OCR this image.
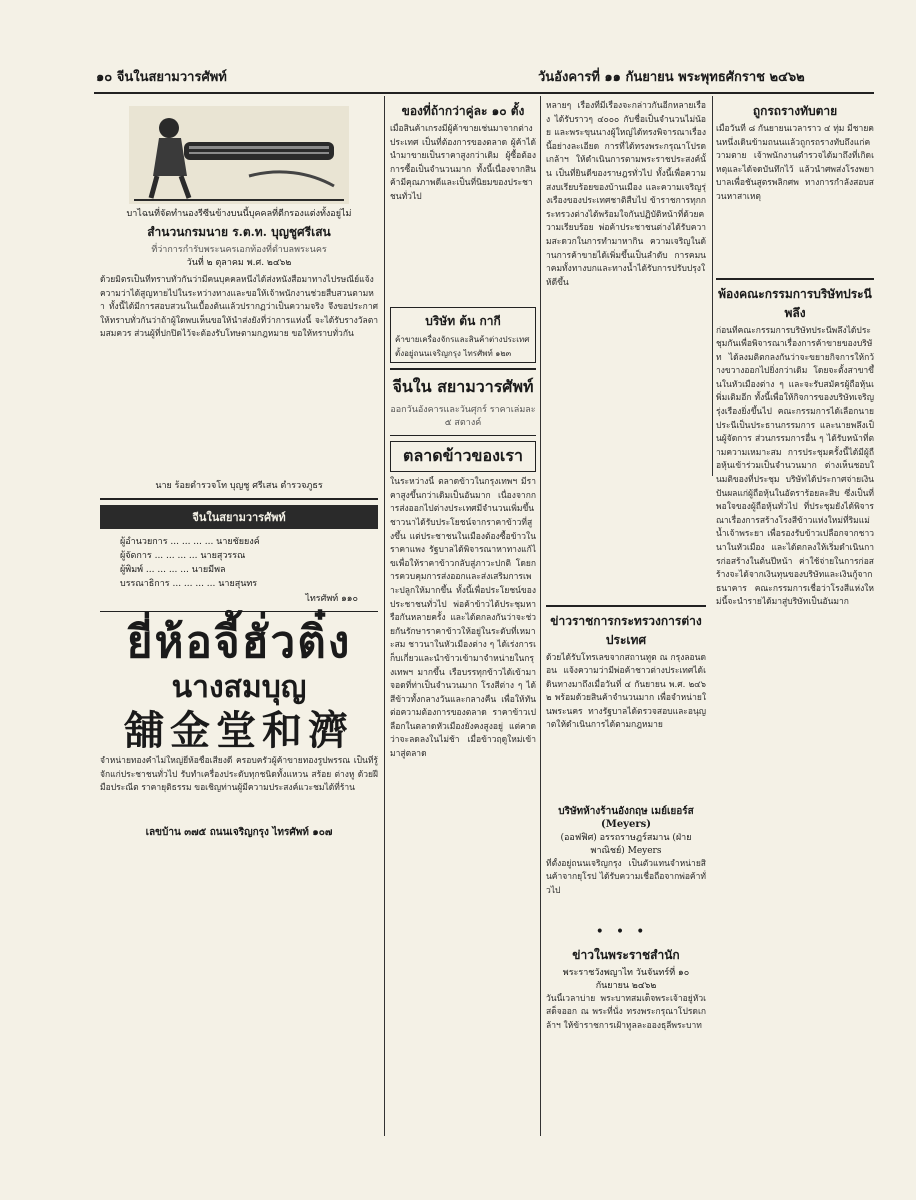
๑๐ จีนในสยามวารศัพท์	วันอังคารที่ ๑๑ กันยายน พระพุทธศักราช ๒๔๖๒
บาไฉนที่จัดทำนองรีซีนข้างบนนี้บุคคลที่ตีกรองแต่งทั้งอยู่ไม่
สำนวนกรมนาย ร.ต.ท. บุญชูศรีเสน
ที่ว่าการกำรับพระนครเอกท้องที่ตำบลพระนคร
วันที่ ๒ ตุลาคม พ.ศ. ๒๔๖๒

ด้วยมิตรเป็นที่ทราบทั่วกันว่ามีคนบุคคลหนึ่งได้ส่งหนังสือมาทางไปรษณีย์แจ้งความว่าได้สูญหายไปในระหว่างทางและขอให้เจ้าพนักงานช่วยสืบสวนตามหา ทั้งนี้ได้มีการสอบสวนในเบื้องต้นแล้วปรากฏว่าเป็นความจริง จึงขอประกาศให้ทราบทั่วกันว่าถ้าผู้ใดพบเห็นขอให้นำส่งยังที่ว่าการแห่งนี้ จะได้รับรางวัลตามสมควร ส่วนผู้ที่ปกปิดไว้จะต้องรับโทษตามกฎหมาย ขอให้ทราบทั่วกัน

นาย ร้อยตำรวจโท บุญชู ศรีเสน ตำรวจภูธร
จีนในสยามวารศัพท์
ผู้อำนวยการ ... ... ... ... นายชัยยงค์
ผู้จัดการ ... ... ... ... นายสุวรรณ
ผู้พิมพ์ ... ... ... ... นายมีพล
บรรณาธิการ ... ... ... ... นายสุนทร
ไทรศัพท์ ๑๑๐
ยี่ห้อจี้ฮั่วติ๋ง
นางสมบุญ
舖金堂和濟

จำหน่ายทองคำไม่ใหญ่ยี่ห้อชื่อเสียงดี ครอบครัวผู้ค้าขายทองรูปพรรณ เป็นที่รู้จักแก่ประชาชนทั่วไป รับทำเครื่องประดับทุกชนิดทั้งแหวน สร้อย ต่างหู ด้วยฝีมือประณีต ราคายุติธรรม ขอเชิญท่านผู้มีความประสงค์แวะชมได้ที่ร้าน

เลขบ้าน ๓๗๕ ถนนเจริญกรุง ไทรศัพท์ ๑๐๗
ของที่ถ้ากว่าคู่ละ ๑๐ ตั้ง

เมื่อสินค้าเกรงมีผู้ค้าขายเช่นมาจากต่างประเทศ เป็นที่ต้องการของตลาด ผู้ค้าได้นำมาขายเป็นราคาสูงกว่าเดิม ผู้ซื้อต้องการซื้อเป็นจำนวนมาก ทั้งนี้เนื่องจากสินค้ามีคุณภาพดีและเป็นที่นิยมของประชาชนทั่วไป

บริษัท ต้น กากี

ค้าขายเครื่องจักรและสินค้าต่างประเทศ ตั้งอยู่ถนนเจริญกรุง ไทรศัพท์ ๑๒๓

จีนใน สยามวารศัพท์
ออกวันอังคารและวันศุกร์ ราคาเล่มละ ๕ สตางค์
ตลาดข้าวของเรา

ในระหว่างนี้ ตลาดข้าวในกรุงเทพฯ มีราคาสูงขึ้นกว่าเดิมเป็นอันมาก เนื่องจากการส่งออกไปต่างประเทศมีจำนวนเพิ่มขึ้น ชาวนาได้รับประโยชน์จากราคาข้าวที่สูงขึ้น แต่ประชาชนในเมืองต้องซื้อข้าวในราคาแพง รัฐบาลได้พิจารณาหาทางแก้ไขเพื่อให้ราคาข้าวกลับสู่ภาวะปกติ โดยการควบคุมการส่งออกและส่งเสริมการเพาะปลูกให้มากขึ้น ทั้งนี้เพื่อประโยชน์ของประชาชนทั่วไป พ่อค้าข้าวได้ประชุมหารือกันหลายครั้ง และได้ตกลงกันว่าจะช่วยกันรักษาราคาข้าวให้อยู่ในระดับที่เหมาะสม ชาวนาในหัวเมืองต่าง ๆ ได้เร่งการเก็บเกี่ยวและนำข้าวเข้ามาจำหน่ายในกรุงเทพฯ มากขึ้น เรือบรรทุกข้าวได้เข้ามาจอดที่ท่าเป็นจำนวนมาก โรงสีต่าง ๆ ได้สีข้าวทั้งกลางวันและกลางคืน เพื่อให้ทันต่อความต้องการของตลาด ราคาข้าวเปลือกในตลาดหัวเมืองยังคงสูงอยู่ แต่คาดว่าจะลดลงในไม่ช้า เมื่อข้าวฤดูใหม่เข้ามาสู่ตลาด

หลายๆ เรื่องที่มีเรื่องจะกล่าวกันอีกหลายเรื่อง ได้รับราวๆ ๔๐๐๐ กับชื่อเป็นจำนวนไม่น้อย และพระขุนนางผู้ใหญ่ได้ทรงพิจารณาเรื่องนี้อย่างละเอียด การที่ได้ทรงพระกรุณาโปรดเกล้าฯ ให้ดำเนินการตามพระราชประสงค์นั้น เป็นที่ยินดีของราษฎรทั่วไป ทั้งนี้เพื่อความสงบเรียบร้อยของบ้านเมือง และความเจริญรุ่งเรืองของประเทศชาติสืบไป ข้าราชการทุกกระทรวงต่างได้พร้อมใจกันปฏิบัติหน้าที่ด้วยความเรียบร้อย พ่อค้าประชาชนต่างได้รับความสะดวกในการทำมาหากิน ความเจริญในด้านการค้าขายได้เพิ่มขึ้นเป็นลำดับ การคมนาคมทั้งทางบกและทางน้ำได้รับการปรับปรุงให้ดีขึ้น

ข่าวราชการกระทรวงการต่างประเทศ

ด้วยได้รับโทรเลขจากสถานทูต ณ กรุงลอนดอน แจ้งความว่ามีพ่อค้าชาวต่างประเทศได้เดินทางมาถึงเมื่อวันที่ ๔ กันยายน พ.ศ. ๒๔๖๒ พร้อมด้วยสินค้าจำนวนมาก เพื่อจำหน่ายในพระนคร ทางรัฐบาลได้ตรวจสอบและอนุญาตให้ดำเนินการได้ตามกฎหมาย

บริษัทห้างร้านอังกฤษ เมย์เยอร์ส (Meyers)
(ออฟฟิศ) อรรถราษฎร์สมาน (ฝ่ายพาณิชย์) Meyers

ที่ตั้งอยู่ถนนเจริญกรุง เป็นตัวแทนจำหน่ายสินค้าจากยุโรป ได้รับความเชื่อถือจากพ่อค้าทั่วไป

•••
ข่าวในพระราชสำนัก
พระราชวังพญาไท วันจันทร์ที่ ๑๐ กันยายน ๒๔๖๒

วันนี้เวลาบ่าย พระบาทสมเด็จพระเจ้าอยู่หัวเสด็จออก ณ พระที่นั่ง ทรงพระกรุณาโปรดเกล้าฯ ให้ข้าราชการเฝ้าทูลละอองธุลีพระบาท

ถูกรถรางทับตาย

เมื่อวันที่ ๘ กันยายนเวลาราว ๔ ทุ่ม มีชายคนหนึ่งเดินข้ามถนนแล้วถูกรถรางทับถึงแก่ความตาย เจ้าพนักงานตำรวจได้มาถึงที่เกิดเหตุและได้จดบันทึกไว้ แล้วนำศพส่งโรงพยาบาลเพื่อชันสูตรพลิกศพ ทางการกำลังสอบสวนหาสาเหตุ

พ้องคณะกรรมการบริษัทประนีพลึง

ก่อนที่คณะกรรมการบริษัทประนีพลึงได้ประชุมกันเพื่อพิจารณาเรื่องการค้าขายของบริษัท ได้ลงมติตกลงกันว่าจะขยายกิจการให้กว้างขวางออกไปยิ่งกว่าเดิม โดยจะตั้งสาขาขึ้นในหัวเมืองต่าง ๆ และจะรับสมัครผู้ถือหุ้นเพิ่มเติมอีก ทั้งนี้เพื่อให้กิจการของบริษัทเจริญรุ่งเรืองยิ่งขึ้นไป คณะกรรมการได้เลือกนายประนีเป็นประธานกรรมการ และนายพลึงเป็นผู้จัดการ ส่วนกรรมการอื่น ๆ ได้รับหน้าที่ตามความเหมาะสม การประชุมครั้งนี้ได้มีผู้ถือหุ้นเข้าร่วมเป็นจำนวนมาก ต่างเห็นชอบในมติของที่ประชุม บริษัทได้ประกาศจ่ายเงินปันผลแก่ผู้ถือหุ้นในอัตราร้อยละสิบ ซึ่งเป็นที่พอใจของผู้ถือหุ้นทั่วไป ที่ประชุมยังได้พิจารณาเรื่องการสร้างโรงสีข้าวแห่งใหม่ที่ริมแม่น้ำเจ้าพระยา เพื่อรองรับข้าวเปลือกจากชาวนาในหัวเมือง และได้ตกลงให้เริ่มดำเนินการก่อสร้างในต้นปีหน้า ค่าใช้จ่ายในการก่อสร้างจะได้จากเงินทุนของบริษัทและเงินกู้จากธนาคาร คณะกรรมการเชื่อว่าโรงสีแห่งใหม่นี้จะนำรายได้มาสู่บริษัทเป็นอันมาก
